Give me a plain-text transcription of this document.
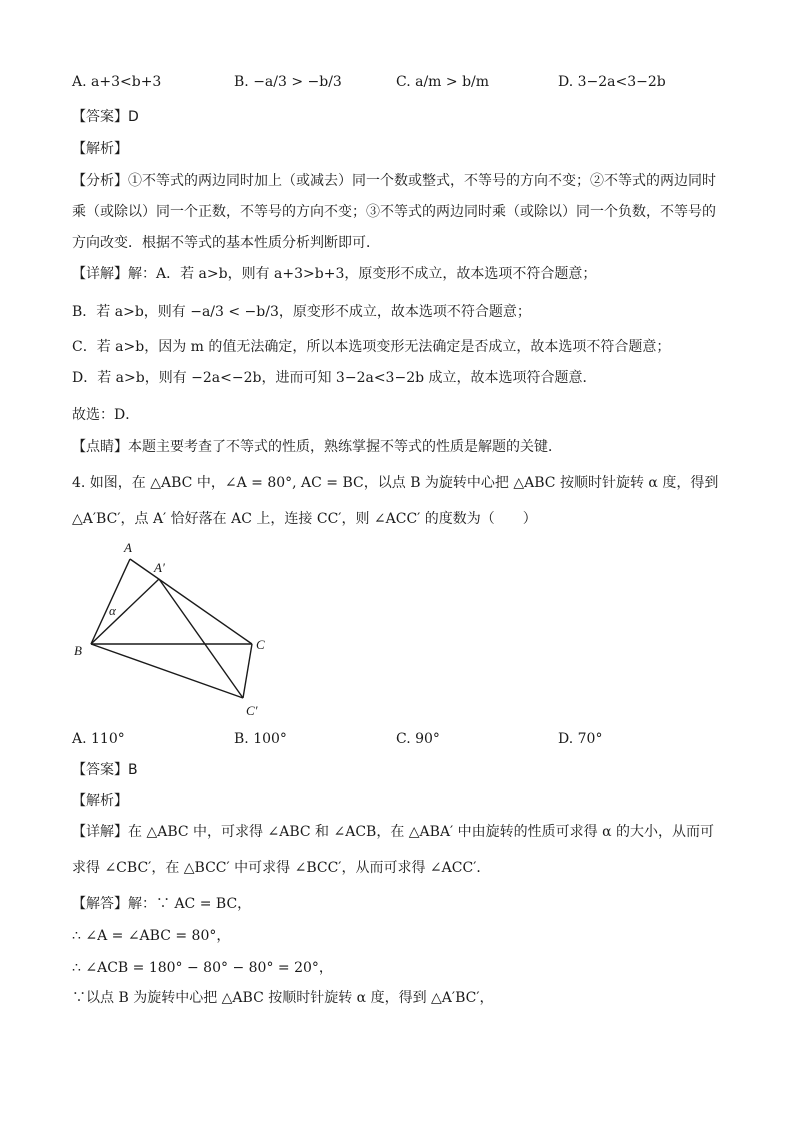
A. a+3<b+3	B. −a/3 > −b/3	C. a/m > b/m	D. 3−2a<3−2b
【答案】D
【解析】
【分析】①不等式的两边同时加上（或减去）同一个数或整式，不等号的方向不变；②不等式的两边同时
乘（或除以）同一个正数，不等号的方向不变；③不等式的两边同时乘（或除以）同一个负数，不等号的
方向改变．根据不等式的基本性质分析判断即可．
【详解】解：A．若 a>b，则有 a+3>b+3，原变形不成立，故本选项不符合题意；
B．若 a>b，则有 −a/3 < −b/3，原变形不成立，故本选项不符合题意；
C．若 a>b，因为 m 的值无法确定，所以本选项变形无法确定是否成立，故本选项不符合题意；
D．若 a>b，则有 −2a<−2b，进而可知 3−2a<3−2b 成立，故本选项符合题意．
故选：D．
【点睛】本题主要考查了不等式的性质，熟练掌握不等式的性质是解题的关键．
4. 如图，在 △ABC 中，∠A = 80°, AC = BC，以点 B 为旋转中心把 △ABC 按顺时针旋转 α 度，得到
△A′BC′，点 A′ 恰好落在 AC 上，连接 CC′，则 ∠ACC′ 的度数为（　　）
A
A′
α
B	C
C′
A. 110°	B. 100°	C. 90°	D. 70°
【答案】B
【解析】
【详解】在 △ABC 中，可求得 ∠ABC 和 ∠ACB，在 △ABA′ 中由旋转的性质可求得 α 的大小，从而可
求得 ∠CBC′，在 △BCC′ 中可求得 ∠BCC′，从而可求得 ∠ACC′．
【解答】解：∵ AC = BC，
∴ ∠A = ∠ABC = 80°，
∴ ∠ACB = 180° − 80° − 80° = 20°，
∵以点 B 为旋转中心把 △ABC 按顺时针旋转 α 度，得到 △A′BC′，
